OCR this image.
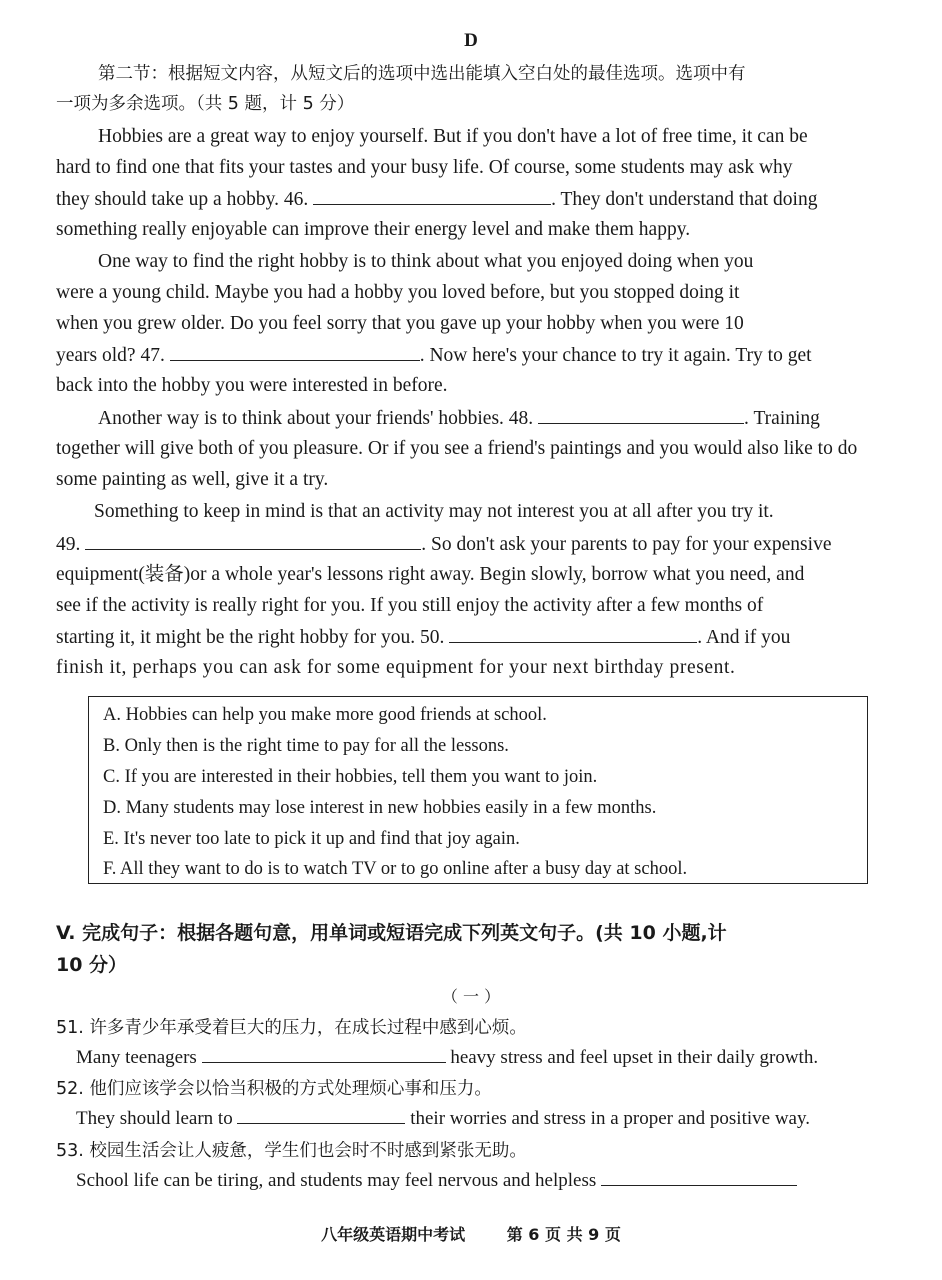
D
第二节：根据短文内容，从短文后的选项中选出能填入空白处的最佳选项。选项中有
一项为多余选项。（共 5 题，计 5 分）
Hobbies are a great way to enjoy yourself. But if you don't have a lot of free time, it can be
hard to find one that fits your tastes and your busy life. Of course, some students may ask why
they should take up a hobby. 46.	. They don't understand that doing
something really enjoyable can improve their energy level and make them happy.
One way to find the right hobby is to think about what you enjoyed doing when you
were a young child. Maybe you had a hobby you loved before, but you stopped doing it
when you grew older. Do you feel sorry that you gave up your hobby when you were 10
years old? 47.	. Now here's your chance to try it again. Try to get
back into the hobby you were interested in before.
Another way is to think about your friends' hobbies. 48.	. Training
together will give both of you pleasure. Or if you see a friend's paintings and you would also like to do
some painting as well, give it a try.
Something to keep in mind is that an activity may not interest you at all after you try it.
49.	. So don't ask your parents to pay for your expensive
equipment(装备)or a whole year's lessons right away. Begin slowly, borrow what you need, and
see if the activity is really right for you. If you still enjoy the activity after a few months of
starting it, it might be the right hobby for you. 50.	. And if you
finish it, perhaps you can ask for some equipment for your next birthday present.
A. Hobbies can help you make more good friends at school.
B. Only then is the right time to pay for all the lessons.
C. If you are interested in their hobbies, tell them you want to join.
D. Many students may lose interest in new hobbies easily in a few months.
E. It's never too late to pick it up and find that joy again.
F. All they want to do is to watch TV or to go online after a busy day at school.
V. 完成句子：根据各题句意，用单词或短语完成下列英文句子。(共 10 小题,计
10 分）
（ 一 ）
51. 许多青少年承受着巨大的压力，在成长过程中感到心烦。
Many teenagers	heavy stress and feel upset in their daily growth.
52. 他们应该学会以恰当积极的方式处理烦心事和压力。
They should learn to	their worries and stress in a proper and positive way.
53. 校园生活会让人疲惫，学生们也会时不时感到紧张无助。
School life can be tiring, and students may feel nervous and helpless
八年级英语期中考试	第 6 页 共 9 页
